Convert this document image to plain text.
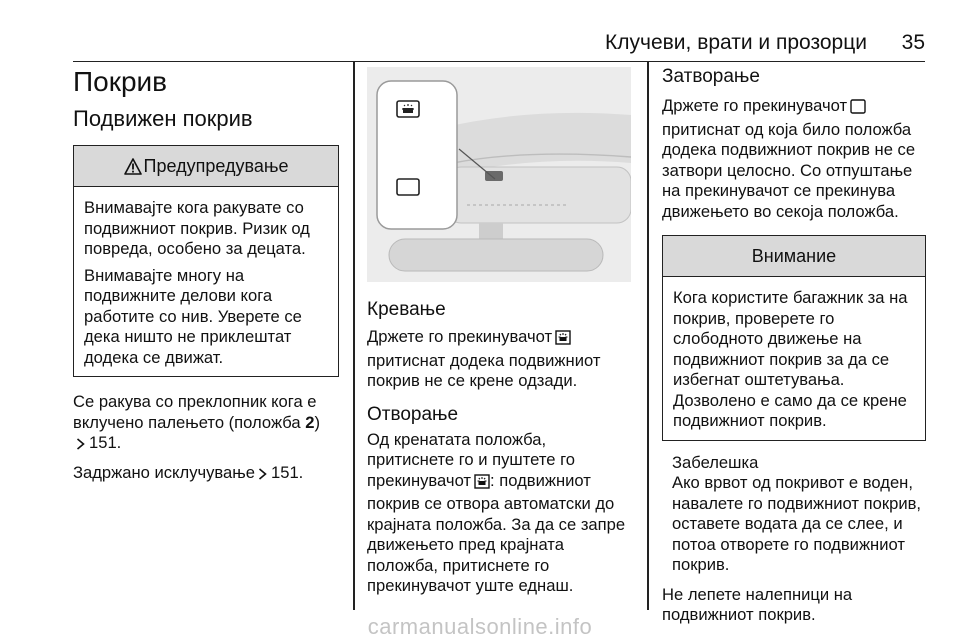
Клучеви, врати и прозорци 35
Покрив
Подвижен покрив
Предупредување

Внимавајте кога ракувате со подвижниот покрив. Ризик од повреда, особено за децата.

Внимавајте многу на подвижните делови кога работите со нив. Уверете се дека ништо не приклештат додека се движат.

Се ракува со преклопник кога е вклучено палењето (положба 2)
151.

Задржано исклучување 151.

Кревање

Држете го прекинувачот
притиснат додека подвижниот покрив не се крене одзади.

Отворање

Од кренатата положба, притиснете го и пуштете го прекинувачот : подвижниот покрив се отвора автоматски до крајната положба. За да се запре движењето пред крајната положба, притиснете го прекинувачот уште еднаш.

Затворање

Држете го прекинувачот
притиснат од која било положба додека подвижниот покрив не се затвори целосно. Со отпуштање на прекинувачот се прекинува движењето во секоја положба.

Внимание

Кога користите багажник за на покрив, проверете го слободното движење на подвижниот покрив за да се избегнат оштетувања. Дозволено е само да се крене подвижниот покрив.

Забелешка

Ако врвот од покривот е воден, навалете го подвижниот покрив, оставете водата да се слее, и потоа отворете го подвижниот покрив.

Не лепете налепници на подвижниот покрив.

carmanualsonline.info
